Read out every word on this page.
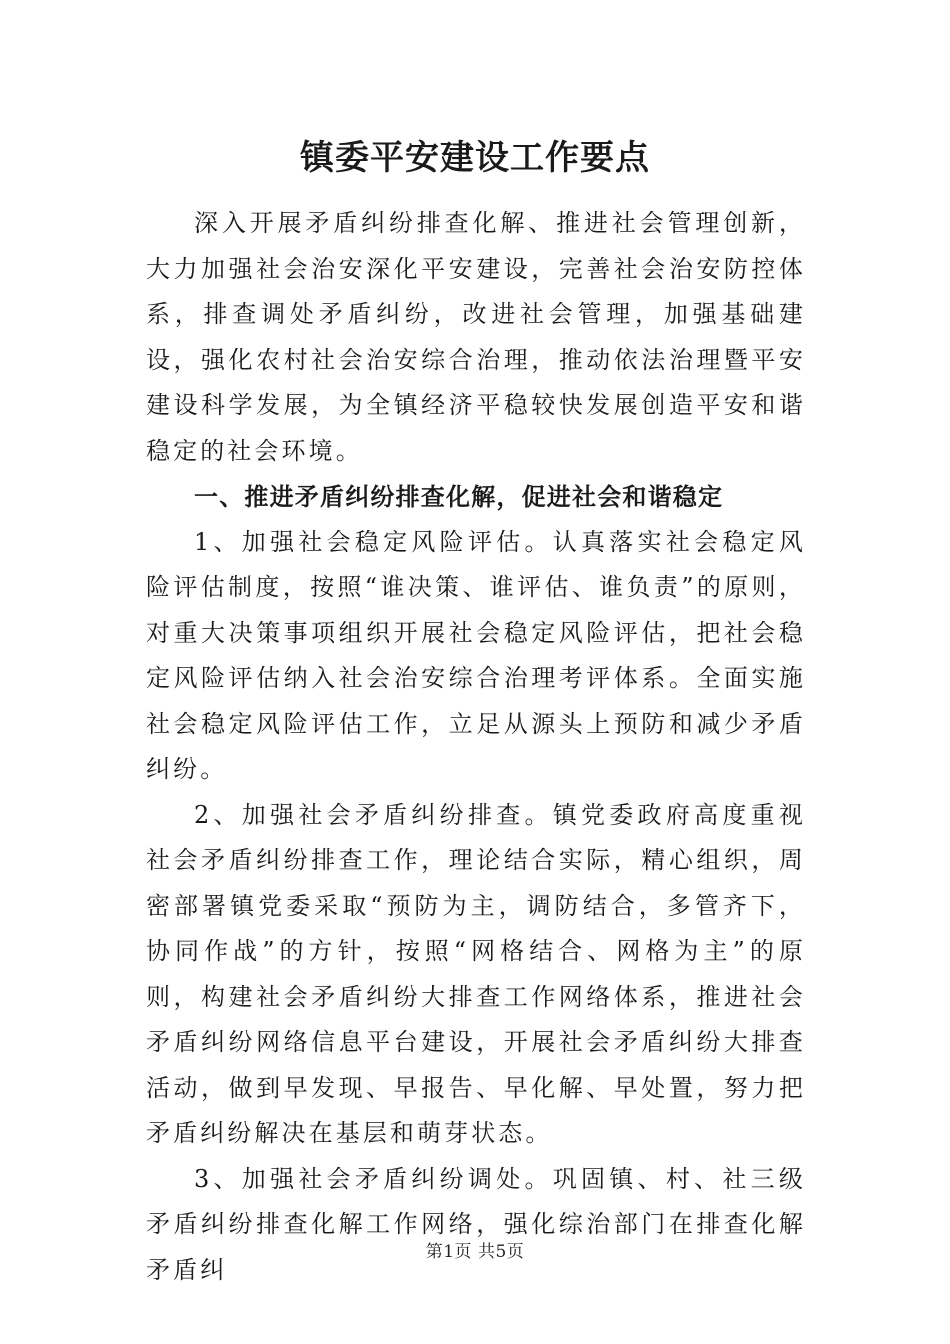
镇委平安建设工作要点

深入开展矛盾纠纷排查化解、推进社会管理创新，大力加强社会治安深化平安建设，完善社会治安防控体系，排查调处矛盾纠纷，改进社会管理，加强基础建设，强化农村社会治安综合治理，推动依法治理暨平安建设科学发展，为全镇经济平稳较快发展创造平安和谐稳定的社会环境。

一、推进矛盾纠纷排查化解，促进社会和谐稳定

1、加强社会稳定风险评估。认真落实社会稳定风险评估制度，按照“谁决策、谁评估、谁负责”的原则，对重大决策事项组织开展社会稳定风险评估，把社会稳定风险评估纳入社会治安综合治理考评体系。全面实施社会稳定风险评估工作，立足从源头上预防和减少矛盾纠纷。

2、加强社会矛盾纠纷排查。镇党委政府高度重视社会矛盾纠纷排查工作，理论结合实际，精心组织，周密部署镇党委采取“预防为主，调防结合，多管齐下，协同作战”的方针，按照“网格结合、网格为主”的原则，构建社会矛盾纠纷大排查工作网络体系，推进社会矛盾纠纷网络信息平台建设，开展社会矛盾纠纷大排查活动，做到早发现、早报告、早化解、早处置，努力把矛盾纠纷解决在基层和萌芽状态。

3、加强社会矛盾纠纷调处。巩固镇、村、社三级矛盾纠纷排查化解工作网络，强化综治部门在排查化解矛盾纠

第1页 共5页
